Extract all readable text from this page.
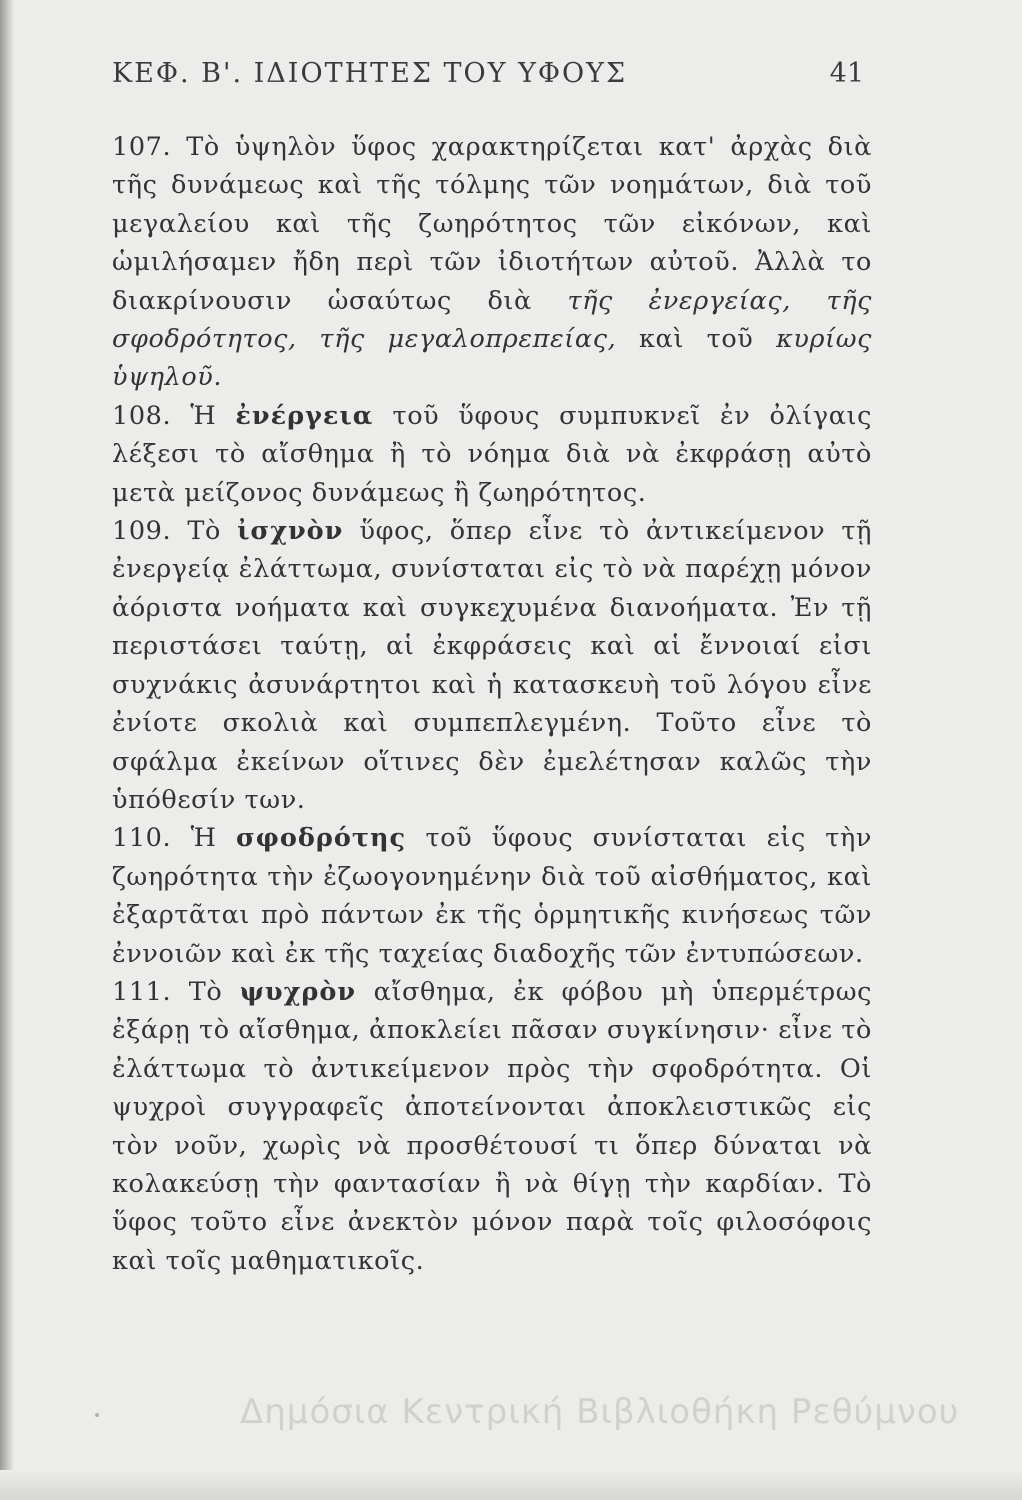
ΚΕΦ. Β'. ΙΔΙΟΤΗΤΕΣ ΤΟΥ ΥΦΟΥΣ	41

107. Τὸ ὑψηλὸν ὕφος χαρακτηρίζεται κατ' ἀρχὰς διὰ τῆς δυνάμεως καὶ τῆς τόλμης τῶν νοημάτων, διὰ τοῦ μεγαλείου καὶ τῆς ζωηρότητος τῶν εἰκόνων, καὶ ὡμιλήσαμεν ἤδη περὶ τῶν ἰδιοτήτων αὐτοῦ. Ἀλλὰ το διακρίνουσιν ὡσαύτως διὰ τῆς ἐνεργείας, τῆς σφοδρότητος, τῆς μεγαλοπρεπείας, καὶ τοῦ κυρίως ὑψηλοῦ.

108. Ἡ ἐνέργεια τοῦ ὕφους συμπυκνεῖ ἐν ὀλίγαις λέξεσι τὸ αἴσθημα ἢ τὸ νόημα διὰ νὰ ἐκφράσῃ αὐτὸ μετὰ μείζονος δυνάμεως ἢ ζωηρότητος.

109. Τὸ ἰσχνὸν ὕφος, ὅπερ εἶνε τὸ ἀντικείμενον τῇ ἐνεργείᾳ ἐλάττωμα, συνίσταται εἰς τὸ νὰ παρέχῃ μόνον ἀόριστα νοήματα καὶ συγκεχυμένα διανοήματα. Ἐν τῇ περιστάσει ταύτῃ, αἱ ἐκφράσεις καὶ αἱ ἔννοιαί εἰσι συχνάκις ἀσυνάρτητοι καὶ ἡ κατασκευὴ τοῦ λόγου εἶνε ἐνίοτε σκολιὰ καὶ συμπεπλεγμένη. Τοῦτο εἶνε τὸ σφάλμα ἐκείνων οἵτινες δὲν ἐμελέτησαν καλῶς τὴν ὑπόθεσίν των.

110. Ἡ σφοδρότης τοῦ ὕφους συνίσταται εἰς τὴν ζωηρότητα τὴν ἐζωογονημένην διὰ τοῦ αἰσθήματος, καὶ ἐξαρτᾶται πρὸ πάντων ἐκ τῆς ὁρμητικῆς κινήσεως τῶν ἐννοιῶν καὶ ἐκ τῆς ταχείας διαδοχῆς τῶν ἐντυπώσεων.

111. Τὸ ψυχρὸν αἴσθημα, ἐκ φόβου μὴ ὑπερμέτρως ἐξάρῃ τὸ αἴσθημα, ἀποκλείει πᾶσαν συγκίνησιν· εἶνε τὸ ἐλάττωμα τὸ ἀντικείμενον πρὸς τὴν σφοδρότητα. Οἱ ψυχροὶ συγγραφεῖς ἀποτείνονται ἀποκλειστικῶς εἰς τὸν νοῦν, χωρὶς νὰ προσθέτουσί τι ὅπερ δύναται νὰ κολακεύσῃ τὴν φαντασίαν ἢ νὰ θίγῃ τὴν καρδίαν. Τὸ ὕφος τοῦτο εἶνε ἀνεκτὸν μόνον παρὰ τοῖς φιλοσόφοις καὶ τοῖς μαθηματικοῖς.

Δημόσια Κεντρική Βιβλιοθήκη Ρεθύμνου
